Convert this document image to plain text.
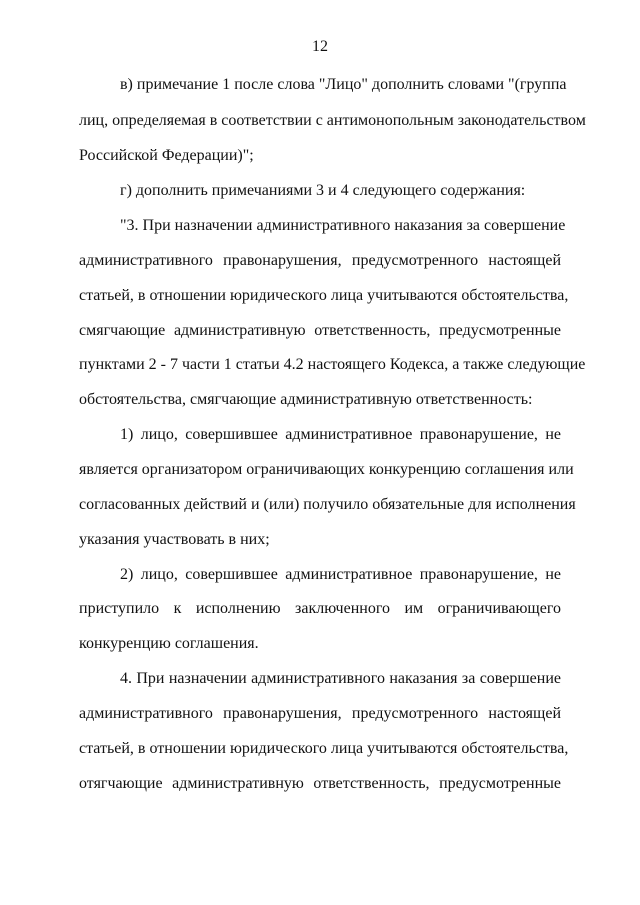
12
в) примечание 1 после слова "Лицо" дополнить словами "(группа
лиц, определяемая в соответствии с антимонопольным законодательством
Российской Федерации)";
г) дополнить примечаниями 3 и 4 следующего содержания:
"3. При назначении административного наказания за совершение
административного правонарушения, предусмотренного настоящей
статьей, в отношении юридического лица учитываются обстоятельства,
смягчающие административную ответственность, предусмотренные
пунктами 2 - 7 части 1 статьи 4.2 настоящего Кодекса, а также следующие
обстоятельства, смягчающие административную ответственность:
1) лицо, совершившее административное правонарушение, не
является организатором ограничивающих конкуренцию соглашения или
согласованных действий и (или) получило обязательные для исполнения
указания участвовать в них;
2) лицо, совершившее административное правонарушение, не
приступило к исполнению заключенного им ограничивающего
конкуренцию соглашения.
4. При назначении административного наказания за совершение
административного правонарушения, предусмотренного настоящей
статьей, в отношении юридического лица учитываются обстоятельства,
отягчающие административную ответственность, предусмотренные
